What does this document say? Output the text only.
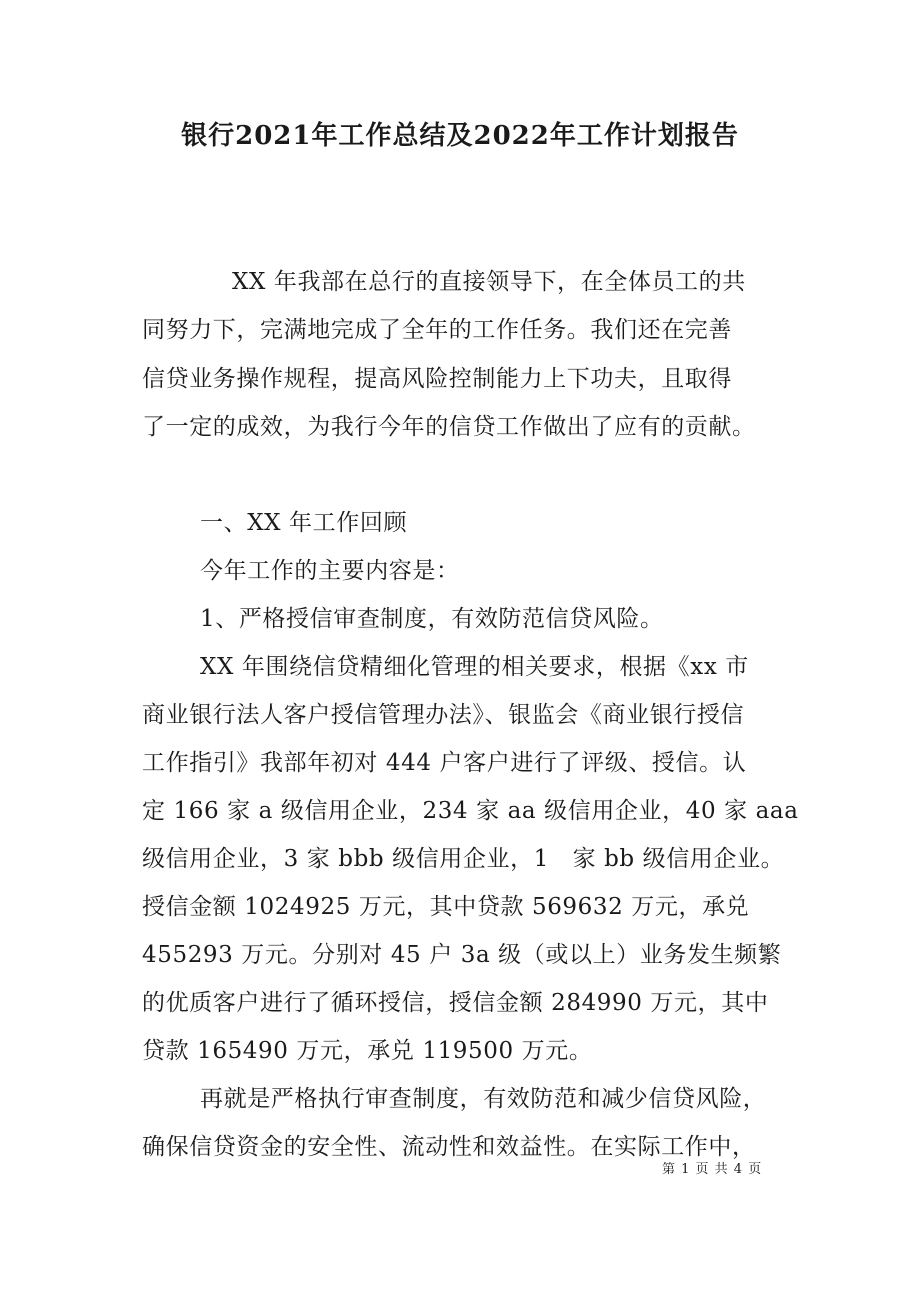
银行2021年工作总结及2022年工作计划报告
XX 年我部在总行的直接领导下，在全体员工的共
同努力下，完满地完成了全年的工作任务。我们还在完善
信贷业务操作规程，提高风险控制能力上下功夫，且取得
了一定的成效，为我行今年的信贷工作做出了应有的贡献。
一、XX 年工作回顾
今年工作的主要内容是：
1、严格授信审查制度，有效防范信贷风险。
XX 年围绕信贷精细化管理的相关要求，根据《xx 市
商业银行法人客户授信管理办法》、银监会《商业银行授信
工作指引》我部年初对 444 户客户进行了评级、授信。认
定 166 家 a 级信用企业，234 家 aa 级信用企业，40 家 aaa
级信用企业，3 家 bbb 级信用企业，1　家 bb 级信用企业。
授信金额 1024925 万元，其中贷款 569632 万元，承兑
455293 万元。分别对 45 户 3a 级（或以上）业务发生频繁
的优质客户进行了循环授信，授信金额 284990 万元，其中
贷款 165490 万元，承兑 119500 万元。
再就是严格执行审查制度，有效防范和减少信贷风险，
确保信贷资金的安全性、流动性和效益性。在实际工作中，
第 1 页 共 4 页
